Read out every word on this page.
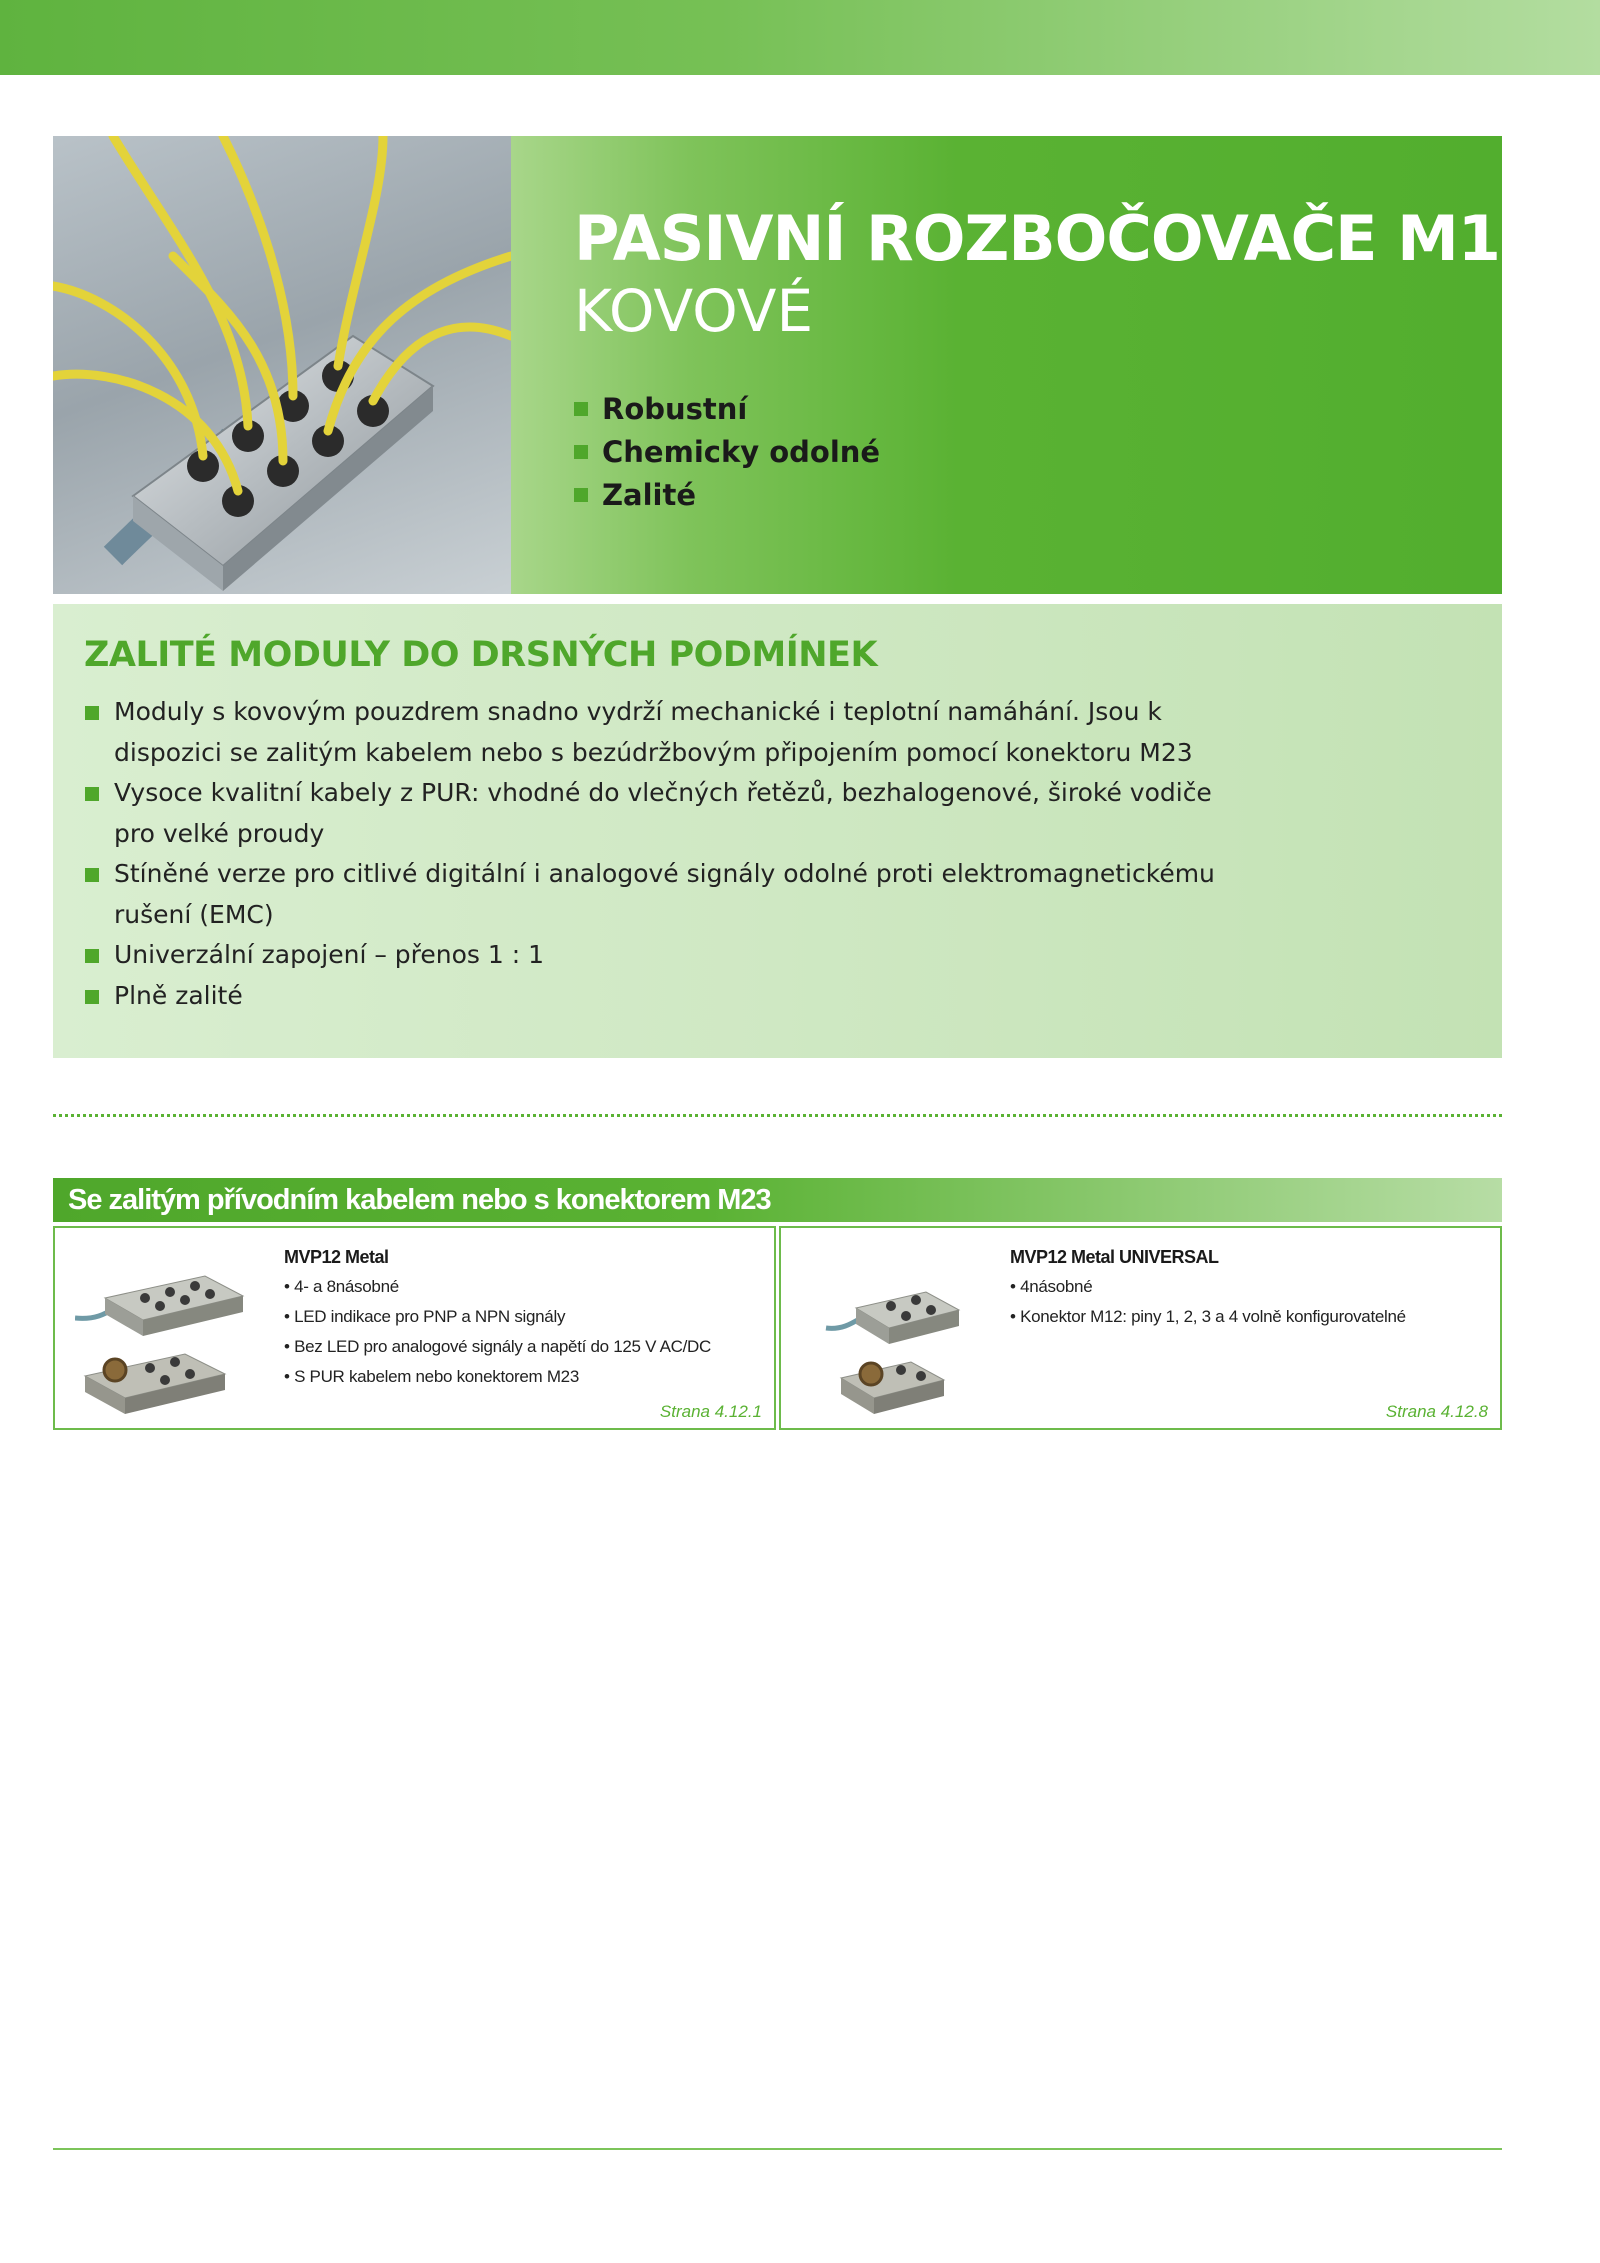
PASIVNÍ ROZBOČOVAČE M12
KOVOVÉ
Robustní
Chemicky odolné
Zalité
ZALITÉ MODULY DO DRSNÝCH PODMÍNEK
Moduly s kovovým pouzdrem snadno vydrží mechanické i teplotní namáhání. Jsou k dispozici se zalitým kabelem nebo s bezúdržbovým připojením pomocí konektoru M23
Vysoce kvalitní kabely z PUR: vhodné do vlečných řetězů, bezhalogenové, široké vodiče pro velké proudy
Stíněné verze pro citlivé digitální i analogové signály odolné proti elektromagnetickému rušení (EMC)
Univerzální zapojení – přenos 1 : 1
Plně zalité
Se zalitým přívodním kabelem nebo s konektorem M23

MVP12 Metal

• 4- a 8násobné
• LED indikace pro PNP a NPN signály
• Bez LED pro analogové signály a napětí do 125 V AC/DC
• S PUR kabelem nebo konektorem M23

Strana 4.12.1

MVP12 Metal UNIVERSAL

• 4násobné
• Konektor M12: piny 1, 2, 3 a 4 volně konfigurovatelné

Strana 4.12.8
